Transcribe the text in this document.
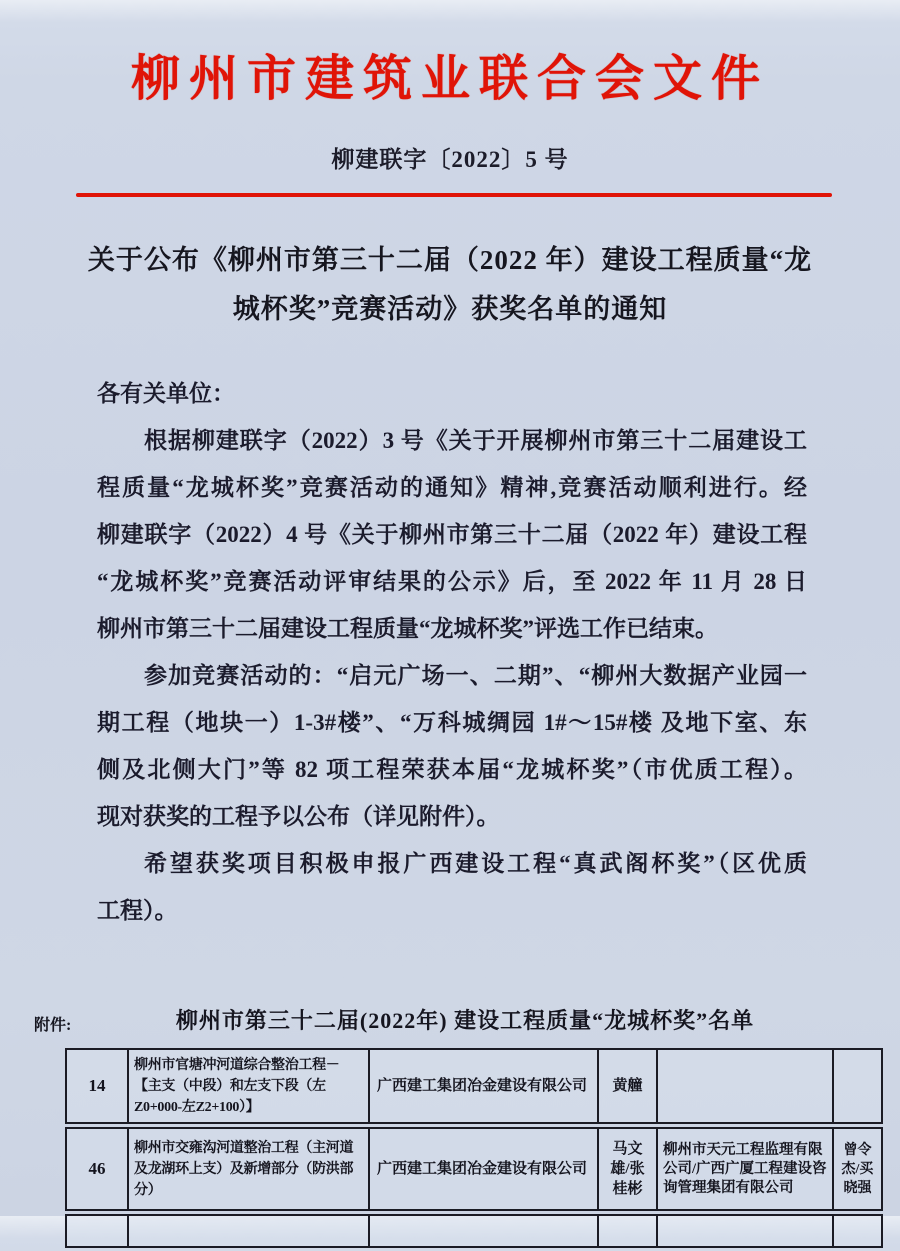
柳州市建筑业联合会文件
柳建联字〔2022〕5 号
关于公布《柳州市第三十二届（2022 年）建设工程质量“龙
城杯奖”竞赛活动》获奖名单的通知
各有关单位：
根据柳建联字（2022）3 号《关于开展柳州市第三十二届建设工
程质量“龙城杯奖”竞赛活动的通知》精神,竞赛活动顺利进行。经
柳建联字（2022）4 号《关于柳州市第三十二届（2022 年）建设工程
“龙城杯奖”竞赛活动评审结果的公示》后，至 2022 年 11 月 28 日
柳州市第三十二届建设工程质量“龙城杯奖”评选工作已结束。
参加竞赛活动的：“启元广场一、二期”、“柳州大数据产业园一
期工程（地块一）1-3#楼”、“万科城绸园 1#～15#楼 及地下室、东
侧及北侧大门”等 82 项工程荣获本届“龙城杯奖”（市优质工程）。
现对获奖的工程予以公布（详见附件）。
希望获奖项目积极申报广西建设工程“真武阁杯奖”（区优质
工程）。
附件:	柳州市第三十二届(2022年) 建设工程质量“龙城杯奖”名单
14
柳州市官塘冲河道综合整治工程－【主支（中段）和左支下段（左Z0+000-左Z2+100）】
广西建工集团冶金建设有限公司	黄艟
46
柳州市交雍沟河道整治工程（主河道及龙湖环上支）及新增部分（防洪部分）
广西建工集团冶金建设有限公司
马文雄/张桂彬
柳州市天元工程监理有限公司/广西广厦工程建设咨询管理集团有限公司
曾令杰/买晓强
